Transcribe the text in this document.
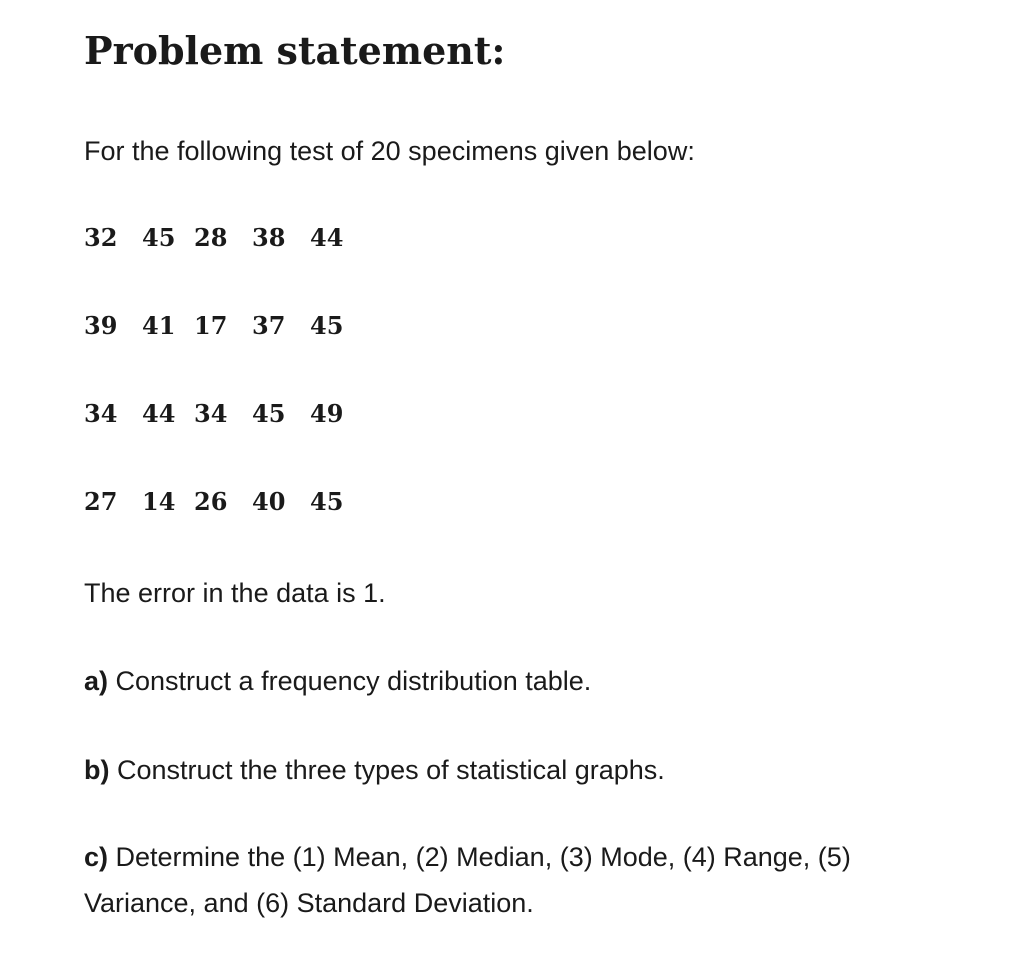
Problem statement:

For the following test of 20 specimens given below:

32	45 28	38	44
39	41 17	37	45
34	44 34	45	49
27	14 26	40	45

The error in the data is 1.

a) Construct a frequency distribution table.

b) Construct the three types of statistical graphs.

c) Determine the (1) Mean, (2) Median, (3) Mode, (4) Range, (5) Variance, and (6) Standard Deviation.
